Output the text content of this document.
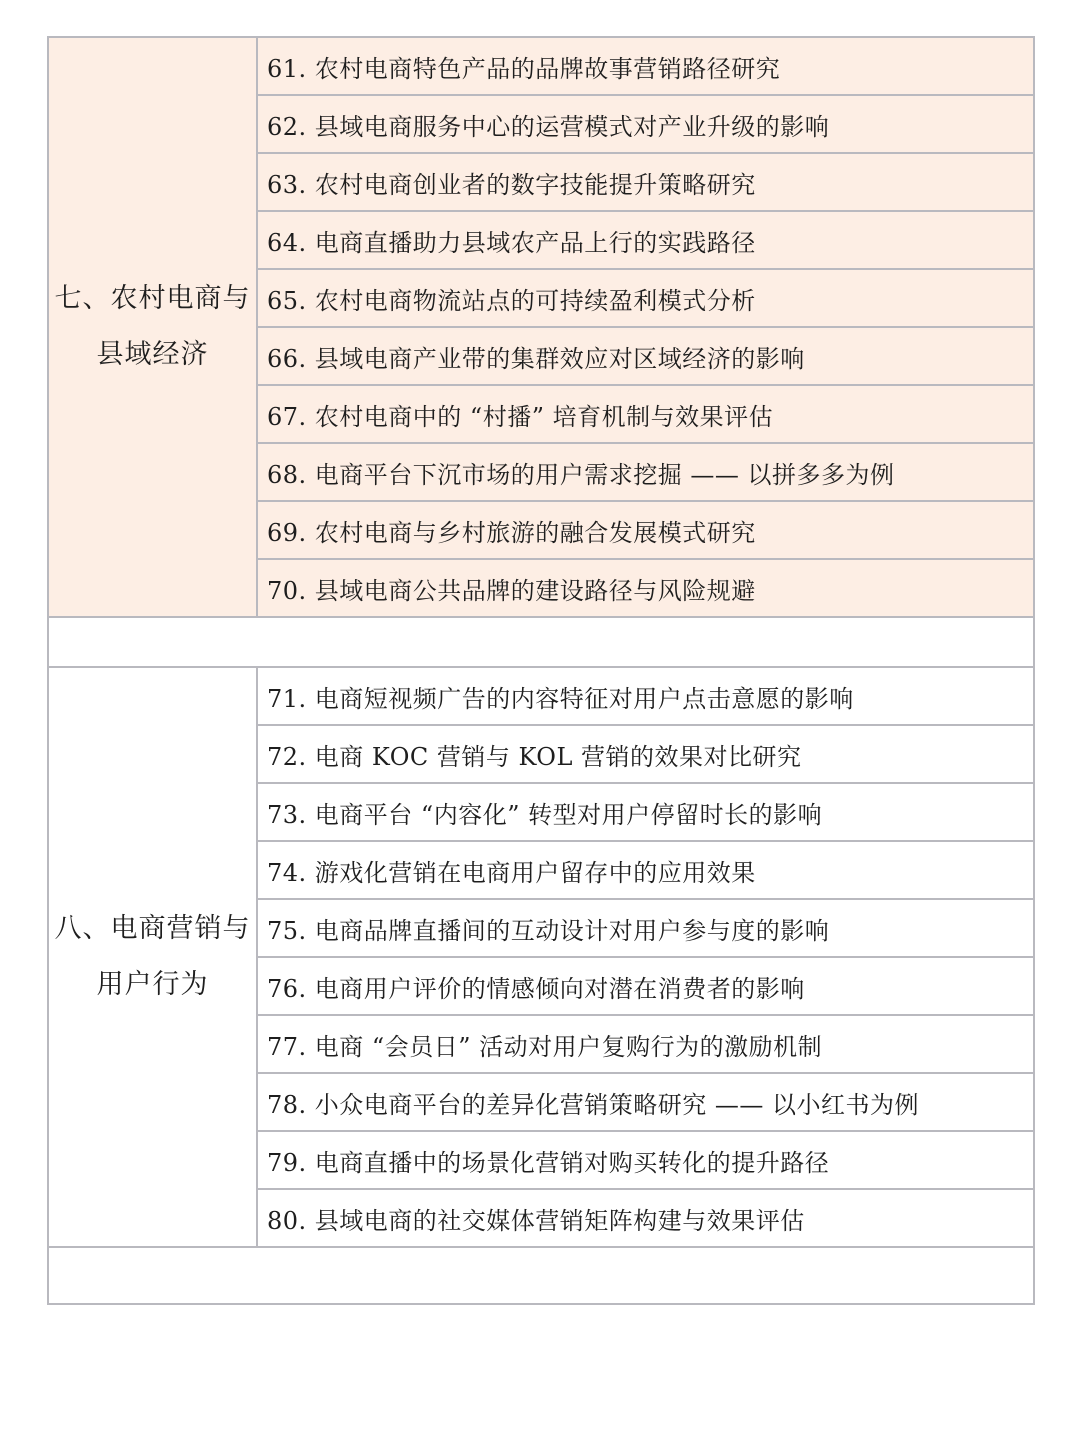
七、农村电商与
县域经济	61. 农村电商特色产品的品牌故事营销路径研究
	62. 县域电商服务中心的运营模式对产业升级的影响
	63. 农村电商创业者的数字技能提升策略研究
	64. 电商直播助力县域农产品上行的实践路径
	65. 农村电商物流站点的可持续盈利模式分析
	66. 县域电商产业带的集群效应对区域经济的影响
	67. 农村电商中的 “村播” 培育机制与效果评估
	68. 电商平台下沉市场的用户需求挖掘 —— 以拼多多为例
	69. 农村电商与乡村旅游的融合发展模式研究
	70. 县域电商公共品牌的建设路径与风险规避

八、电商营销与
用户行为	71. 电商短视频广告的内容特征对用户点击意愿的影响
	72. 电商 KOC 营销与 KOL 营销的效果对比研究
	73. 电商平台 “内容化” 转型对用户停留时长的影响
	74. 游戏化营销在电商用户留存中的应用效果
	75. 电商品牌直播间的互动设计对用户参与度的影响
	76. 电商用户评价的情感倾向对潜在消费者的影响
	77. 电商 “会员日” 活动对用户复购行为的激励机制
	78. 小众电商平台的差异化营销策略研究 —— 以小红书为例
	79. 电商直播中的场景化营销对购买转化的提升路径
	80. 县域电商的社交媒体营销矩阵构建与效果评估
